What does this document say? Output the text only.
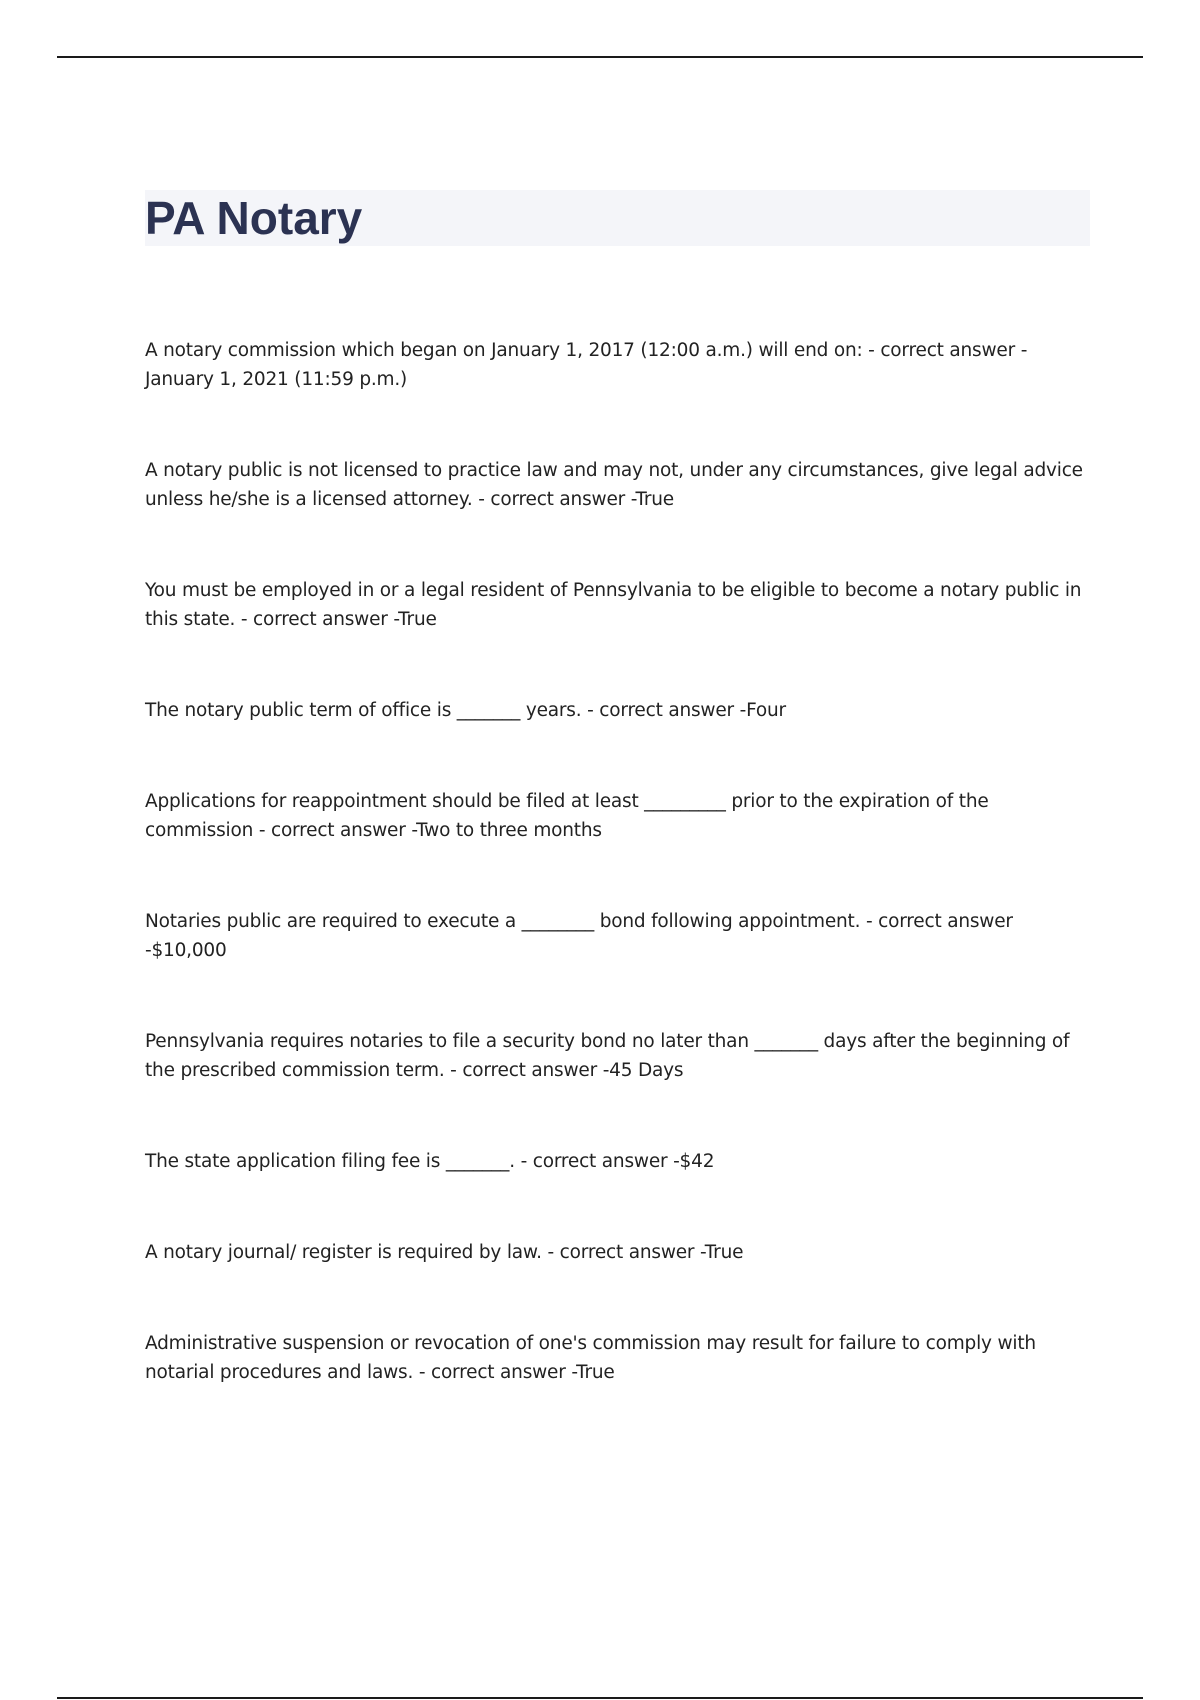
PA Notary
A notary commission which began on January 1, 2017 (12:00 a.m.) will end on: - correct answer -January 1, 2021 (11:59 p.m.)
A notary public is not licensed to practice law and may not, under any circumstances, give legal advice unless he/she is a licensed attorney. - correct answer -True
You must be employed in or a legal resident of Pennsylvania to be eligible to become a notary public in this state. - correct answer -True
The notary public term of office is _______ years. - correct answer -Four
Applications for reappointment should be filed at least _________ prior to the expiration of the commission - correct answer -Two to three months
Notaries public are required to execute a ________ bond following appointment. - correct answer -$10,000
Pennsylvania requires notaries to file a security bond no later than _______ days after the beginning of the prescribed commission term. - correct answer -45 Days
The state application filing fee is _______. - correct answer -$42
A notary journal/ register is required by law. - correct answer -True
Administrative suspension or revocation of one's commission may result for failure to comply with notarial procedures and laws. - correct answer -True
